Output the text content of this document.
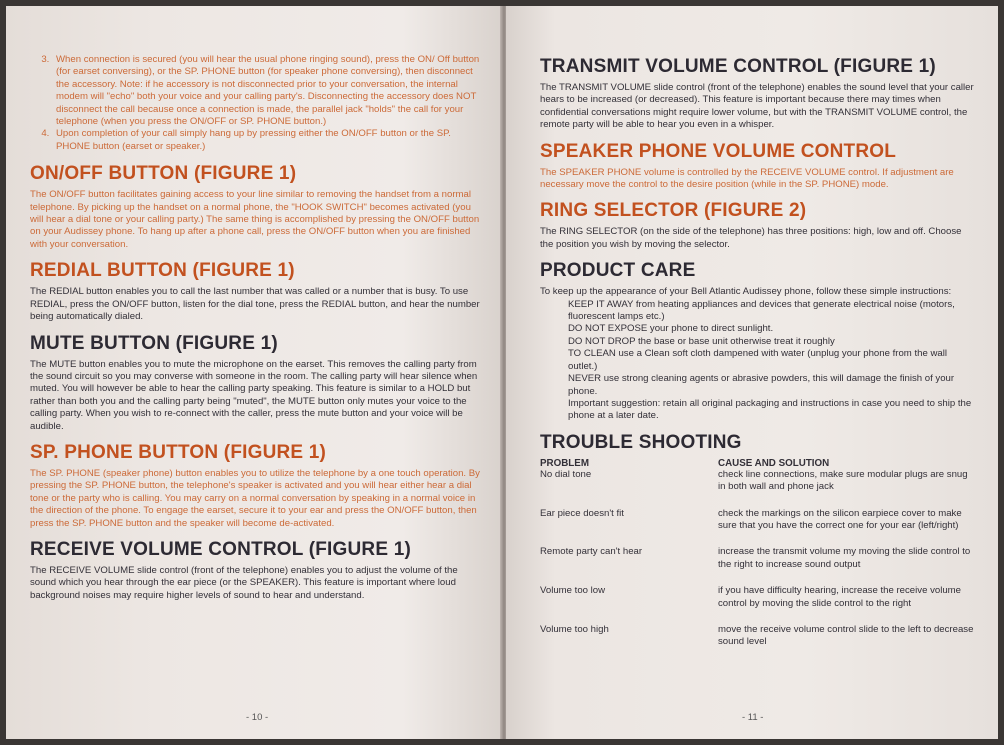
3. When connection is secured (you will hear the usual phone ringing sound), press the ON/ Off button (for earset conversing), or the SP. PHONE button (for speaker phone conversing), then disconnect the accessory. Note: if he accessory is not disconnected prior to your conversation, the internal modem will "echo" both your voice and your calling party's. Disconnecting the accessory does NOT disconnect the call because once a connection is made, the parallel jack "holds" the call for your telephone (when you press the ON/OFF or SP. PHONE button.)
4. Upon completion of your call simply hang up by pressing either the ON/OFF button or the SP. PHONE button (earset or speaker.)
ON/OFF BUTTON (FIGURE 1)

The ON/OFF button facilitates gaining access to your line similar to removing the handset from a normal telephone. By picking up the handset on a normal phone, the "HOOK SWITCH" becomes activated (you will hear a dial tone or your calling party.) The same thing is accomplished by pressing the ON/OFF button on your Audissey phone. To hang up after a phone call, press the ON/OFF button when you are finished with your conversation.

REDIAL BUTTON (FIGURE 1)

The REDIAL button enables you to call the last number that was called or a number that is busy. To use REDIAL, press the ON/OFF button, listen for the dial tone, press the REDIAL button, and hear the number being automatically dialed.

MUTE BUTTON (FIGURE 1)

The MUTE button enables you to mute the microphone on the earset. This removes the calling party from the sound circuit so you may converse with someone in the room. The calling party will hear silence when muted. You will however be able to hear the calling party speaking. This feature is similar to a HOLD but rather than both you and the calling party being "muted", the MUTE button only mutes your voice to the calling party. When you wish to re-connect with the caller, press the mute button and your voice will be audible.

SP. PHONE BUTTON (FIGURE 1)

The SP. PHONE (speaker phone) button enables you to utilize the telephone by a one touch operation. By pressing the SP. PHONE button, the telephone's speaker is activated and you will hear either hear a dial tone or the party who is calling. You may carry on a normal conversation by speaking in a normal voice in the direction of the phone. To engage the earset, secure it to your ear and press the ON/OFF button, then press the SP. PHONE button and the speaker will become de-activated.

RECEIVE VOLUME CONTROL (FIGURE 1)

The RECEIVE VOLUME slide control (front of the telephone) enables you to adjust the volume of the sound which you hear through the ear piece (or the SPEAKER). This feature is important where loud background noises may require higher levels of sound to hear and understand.

- 10 -
TRANSMIT VOLUME CONTROL (FIGURE 1)

The TRANSMIT VOLUME slide control (front of the telephone) enables the sound level that your caller hears to be increased (or decreased). This feature is important because there may times when confidential conversations might require lower volume, but with the TRANSMIT VOLUME control, the remote party will be able to hear you even in a whisper.

SPEAKER PHONE VOLUME CONTROL

The SPEAKER PHONE volume is controlled by the RECEIVE VOLUME control. If adjustment are necessary move the control to the desire position (while in the SP. PHONE) mode.

RING SELECTOR (FIGURE 2)

The RING SELECTOR (on the side of the telephone) has three positions: high, low and off. Choose the position you wish by moving the selector.

PRODUCT CARE

To keep up the appearance of your Bell Atlantic Audissey phone, follow these simple instructions:

KEEP IT AWAY from heating appliances and devices that generate electrical noise (motors, fluorescent lamps etc.)

DO NOT EXPOSE your phone to direct sunlight.

DO NOT DROP the base or base unit otherwise treat it roughly

TO CLEAN use a Clean soft cloth dampened with water (unplug your phone from the wall outlet.)

NEVER use strong cleaning agents or abrasive powders, this will damage the finish of your phone.

Important suggestion: retain all original packaging and instructions in case you need to ship the phone at a later date.

TROUBLE SHOOTING
PROBLEM	CAUSE AND SOLUTION
No dial tone	check line connections, make sure modular plugs are snug in both wall and phone jack
Ear piece doesn't fit	check the markings on the silicon earpiece cover to make sure that you have the correct one for your ear (left/right)
Remote party can't hear	increase the transmit volume my moving the slide control to the right to increase sound output
Volume too low	if you have difficulty hearing, increase the receive volume control by moving the slide control to the right
Volume too high	move the receive volume control slide to the left to decrease sound level
- 11 -
